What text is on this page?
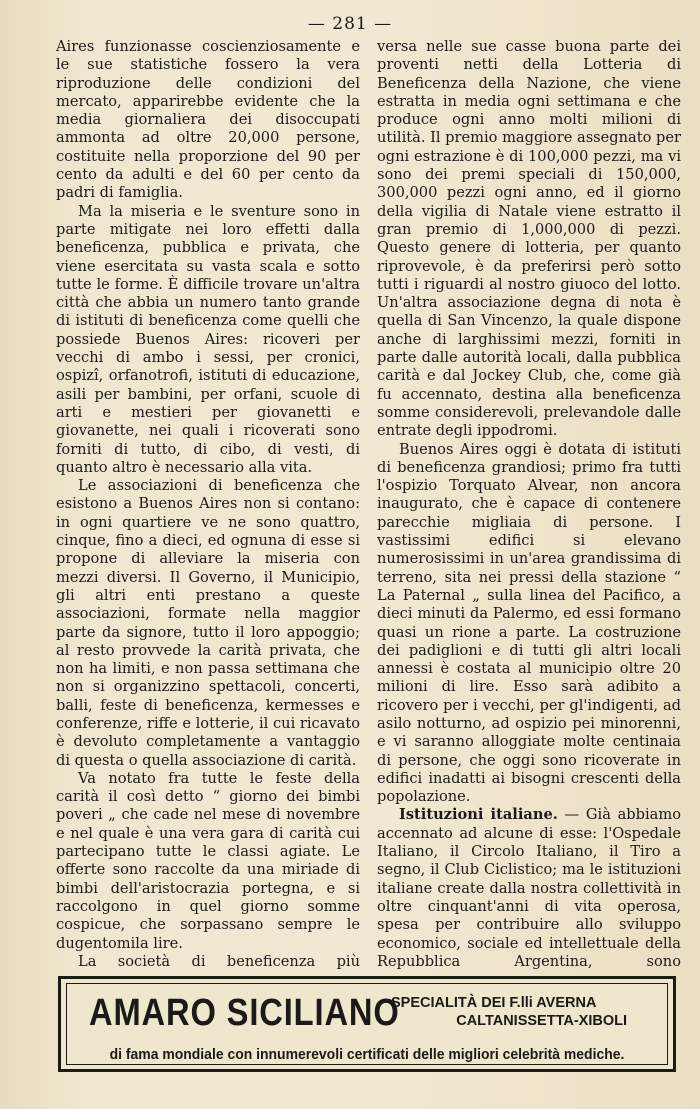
— 281 —

Aires funzionasse coscienziosamente e le sue statistiche fossero la vera riproduzione delle condizioni del mercato, apparirebbe evidente che la media giornaliera dei disoccupati ammonta ad oltre 20,000 persone, costituite nella proporzione del 90 per cento da adulti e del 60 per cento da padri di famiglia.

Ma la miseria e le sventure sono in parte mitigate nei loro effetti dalla beneficenza, pubblica e privata, che viene esercitata su vasta scala e sotto tutte le forme. È difficile trovare un'altra città che abbia un numero tanto grande di istituti di beneficenza come quelli che possiede Buenos Aires: ricoveri per vecchi di ambo i sessi, per cronici, ospizî, orfanotrofi, istituti di educazione, asili per bambini, per orfani, scuole di arti e mestieri per giovanetti e giovanette, nei quali i ricoverati sono forniti di tutto, di cibo, di vesti, di quanto altro è necessario alla vita.

Le associazioni di beneficenza che esistono a Buenos Aires non si contano: in ogni quartiere ve ne sono quattro, cinque, fino a dieci, ed ognuna di esse si propone di alleviare la miseria con mezzi diversi. Il Governo, il Municipio, gli altri enti prestano a queste associazioni, formate nella maggior parte da signore, tutto il loro appoggio; al resto provvede la carità privata, che non ha limiti, e non passa settimana che non si organizzino spettacoli, concerti, balli, feste di beneficenza, kermesses e conferenze, riffe e lotterie, il cui ricavato è devoluto completamente a vantaggio di questa o quella associazione di carità.

Va notato fra tutte le feste della carità il così detto “ giorno dei bimbi poveri „ che cade nel mese di novembre e nel quale è una vera gara di carità cui partecipano tutte le classi agiate. Le offerte sono raccolte da una miriade di bimbi dell'aristocrazia portegna, e si raccolgono in quel giorno somme cospicue, che sorpassano sempre le dugentomila lire.

La società di beneficenza più

versa nelle sue casse buona parte dei proventi netti della Lotteria di Beneficenza della Nazione, che viene estratta in media ogni settimana e che produce ogni anno molti milioni di utilità. Il premio maggiore assegnato per ogni estrazione è di 100,000 pezzi, ma vi sono dei premi speciali di 150,000, 300,000 pezzi ogni anno, ed il giorno della vigilia di Natale viene estratto il gran premio di 1,000,000 di pezzi. Questo genere di lotteria, per quanto riprovevole, è da preferirsi però sotto tutti i riguardi al nostro giuoco del lotto. Un'altra associazione degna di nota è quella di San Vincenzo, la quale dispone anche di larghissimi mezzi, forniti in parte dalle autorità locali, dalla pubblica carità e dal Jockey Club, che, come già fu accennato, destina alla beneficenza somme considerevoli, prelevandole dalle entrate degli ippodromi.

Buenos Aires oggi è dotata di istituti di beneficenza grandiosi; primo fra tutti l'ospizio Torquato Alvear, non ancora inaugurato, che è capace di contenere parecchie migliaia di persone. I vastissimi edifici si elevano numerosissimi in un'area grandissima di terreno, sita nei pressi della stazione “ La Paternal „ sulla linea del Pacifico, a dieci minuti da Palermo, ed essi formano quasi un rione a parte. La costruzione dei padiglioni e di tutti gli altri locali annessi è costata al municipio oltre 20 milioni di lire. Esso sarà adibito a ricovero per i vecchi, per gl'indigenti, ad asilo notturno, ad ospizio pei minorenni, e vi saranno alloggiate molte centinaia di persone, che oggi sono ricoverate in edifici inadatti ai bisogni crescenti della popolazione.

Istituzioni italiane. — Già abbiamo accennato ad alcune di esse: l'Ospedale Italiano, il Circolo Italiano, il Tiro a segno, il Club Ciclistico; ma le istituzioni italiane create dalla nostra collettività in oltre cinquant'anni di vita operosa, spesa per contribuire allo sviluppo economico, sociale ed intellettuale della Repubblica Argentina, sono

AMARO SICILIANO
SPECIALITÀ DEI F.lli AVERNA
CALTANISSETTA-XIBOLI
di fama mondiale con innumerevoli certificati delle migliori celebrità mediche.
